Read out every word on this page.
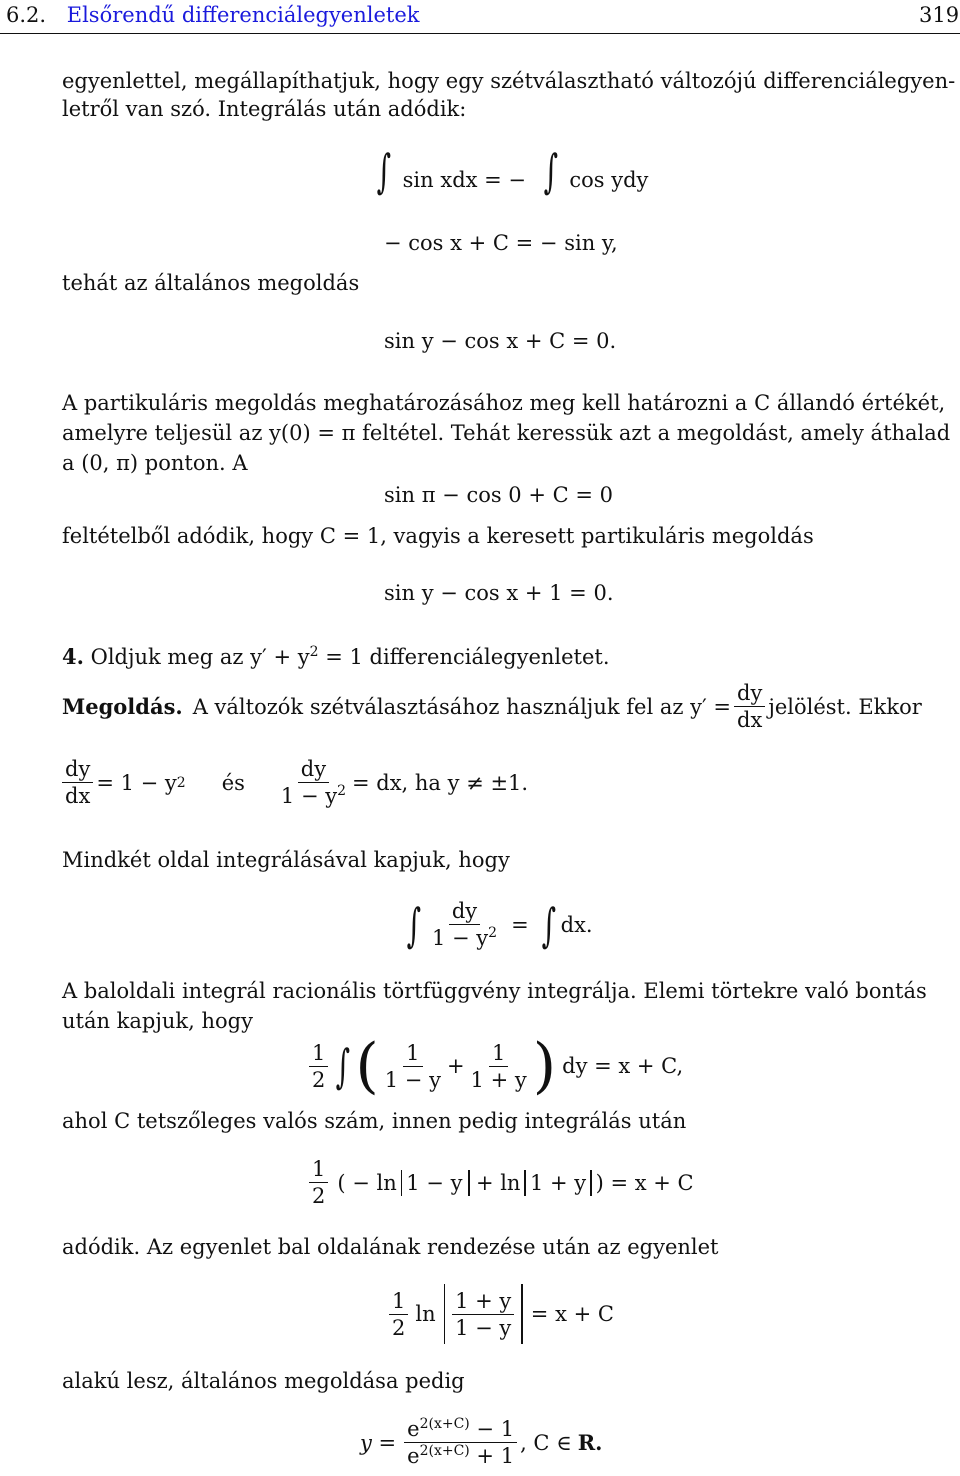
6.2. Elsőrendű differenciálegyenletek	319
egyenlettel, megállapíthatjuk, hogy egy szétválasztható változójú differenciálegyen-
letről van szó. Integrálás után adódik:
∫ sin xdx = − ∫ cos ydy
− cos x + C = − sin y,
tehát az általános megoldás
sin y − cos x + C = 0.
A partikuláris megoldás meghatározásához meg kell határozni a C állandó értékét,
amelyre teljesül az y(0) = π feltétel. Tehát keressük azt a megoldást, amely áthalad
a (0, π) ponton. A
sin π − cos 0 + C = 0
feltételből adódik, hogy C = 1, vagyis a keresett partikuláris megoldás
sin y − cos x + 1 = 0.
4. Oldjuk meg az $y' + y^2 = 1$ differenciálegyenletet.
Megoldás. A változók szétválasztásához használjuk fel az $y' = \frac{dy}{dx}$ jelölést. Ekkor
$\frac{dy}{dx} = 1 - y$ 2 és $\frac{dy}{1 - y^2}$ = dx, ha y ≠ ±1.
Mindkét oldal integrálásával kapjuk, hogy
∫ $\frac{dy}{1 - y^2}$ = ∫ dx.
A baloldali integrál racionális törtfüggvény integrálja. Elemi törtekre való bontás
után kapjuk, hogy
$\frac{1}{2}$ ∫ ( $\frac{1}{1 - y} + \frac{1}{1 + y}$ ) dy = x + C,
ahol C tetszőleges valós szám, innen pedig integrálás után
$\frac{1}{2}$ ( − ln 1 − y + ln 1 + y ) = x + C
adódik. Az egyenlet bal oldalának rendezése után az egyenlet
$\frac{1}{2}$ $\ln \frac{1 + y}{1 - y} = x + C$
alakú lesz, általános megoldása pedig
$y = \frac{e^{2(x+C)} - 1}{e^{2(x+C)} + 1}$ , C ∈ R.
